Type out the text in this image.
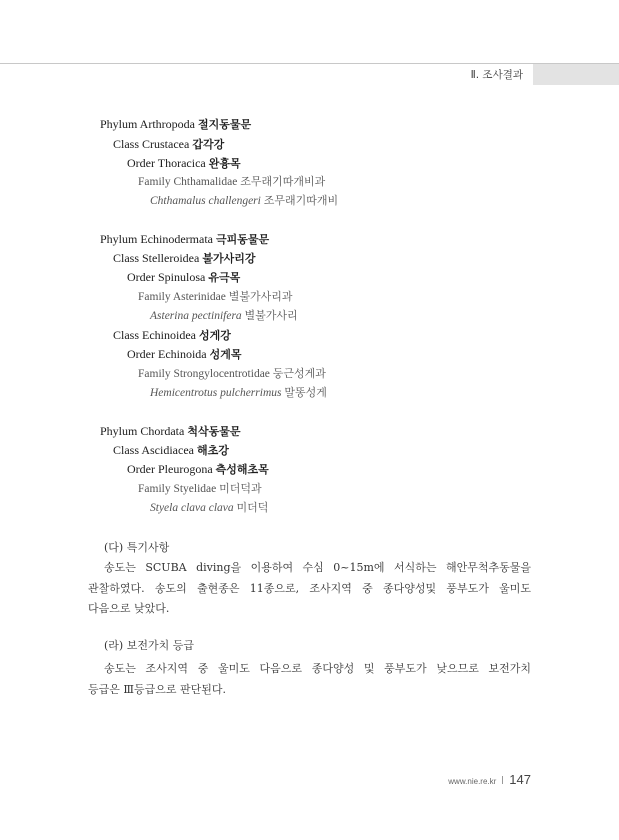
Ⅱ. 조사결과
Phylum Arthropoda 절지동물문
Class Crustacea 갑각강
Order Thoracica 완흉목
Family Chthamalidae 조무래기따개비과
Chthamalus challengeri 조무래기따개비
Phylum Echinodermata 극피동물문
Class Stelleroidea 불가사리강
Order Spinulosa 유극목
Family Asterinidae 별불가사리과
Asterina pectinifera 별불가사리
Class Echinoidea 성게강
Order Echinoida 성게목
Family Strongylocentrotidae 둥근성게과
Hemicentrotus pulcherrimus 말똥성게
Phylum Chordata 척삭동물문
Class Ascidiacea 해초강
Order Pleurogona 측성해초목
Family Styelidae 미더덕과
Styela clava clava 미더덕
(다) 특기사항
송도는 SCUBA diving을 이용하여 수심 0~15m에 서식하는 해안무척추동물을
관찰하였다. 송도의 출현종은 11종으로, 조사지역 중 종다양성및 풍부도가 울미도
다음으로 낮았다.
(라) 보전가치 등급
송도는 조사지역 중 울미도 다음으로 종다양성 및 풍부도가 낮으므로 보전가치
등급은 Ⅲ등급으로 판단된다.
www.nie.re.kr 147
